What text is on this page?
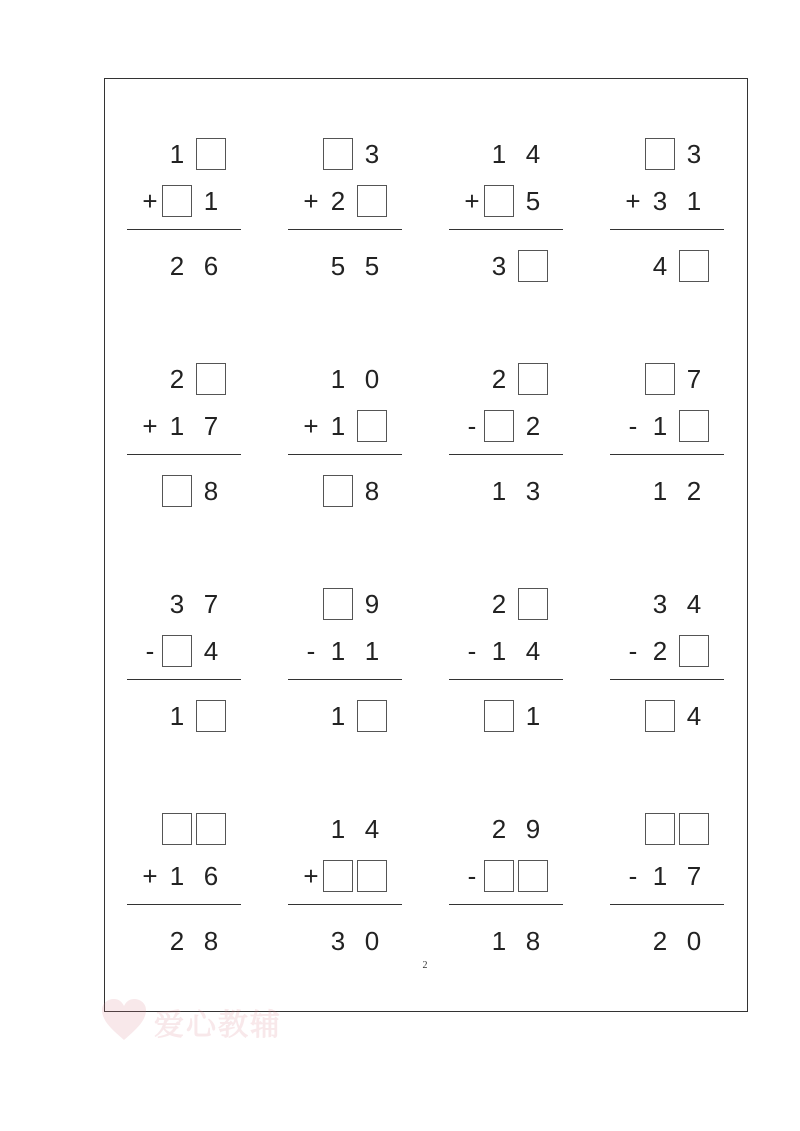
2
爱心教辅
1
+ 1
2 6
3
+ 2
5 5
1 4
+ 5
3
3
+ 3 1
4
2
+ 1 7
8
1 0
+ 1
8
2
- 2
1 3
7
- 1
1 2
3 7
- 4
1
9
- 1 1
1
2
- 1 4
1
3 4
- 2
4
+ 1 6
2 8
1 4
+
3 0
2 9
-
1 8
- 1 7
2 0
